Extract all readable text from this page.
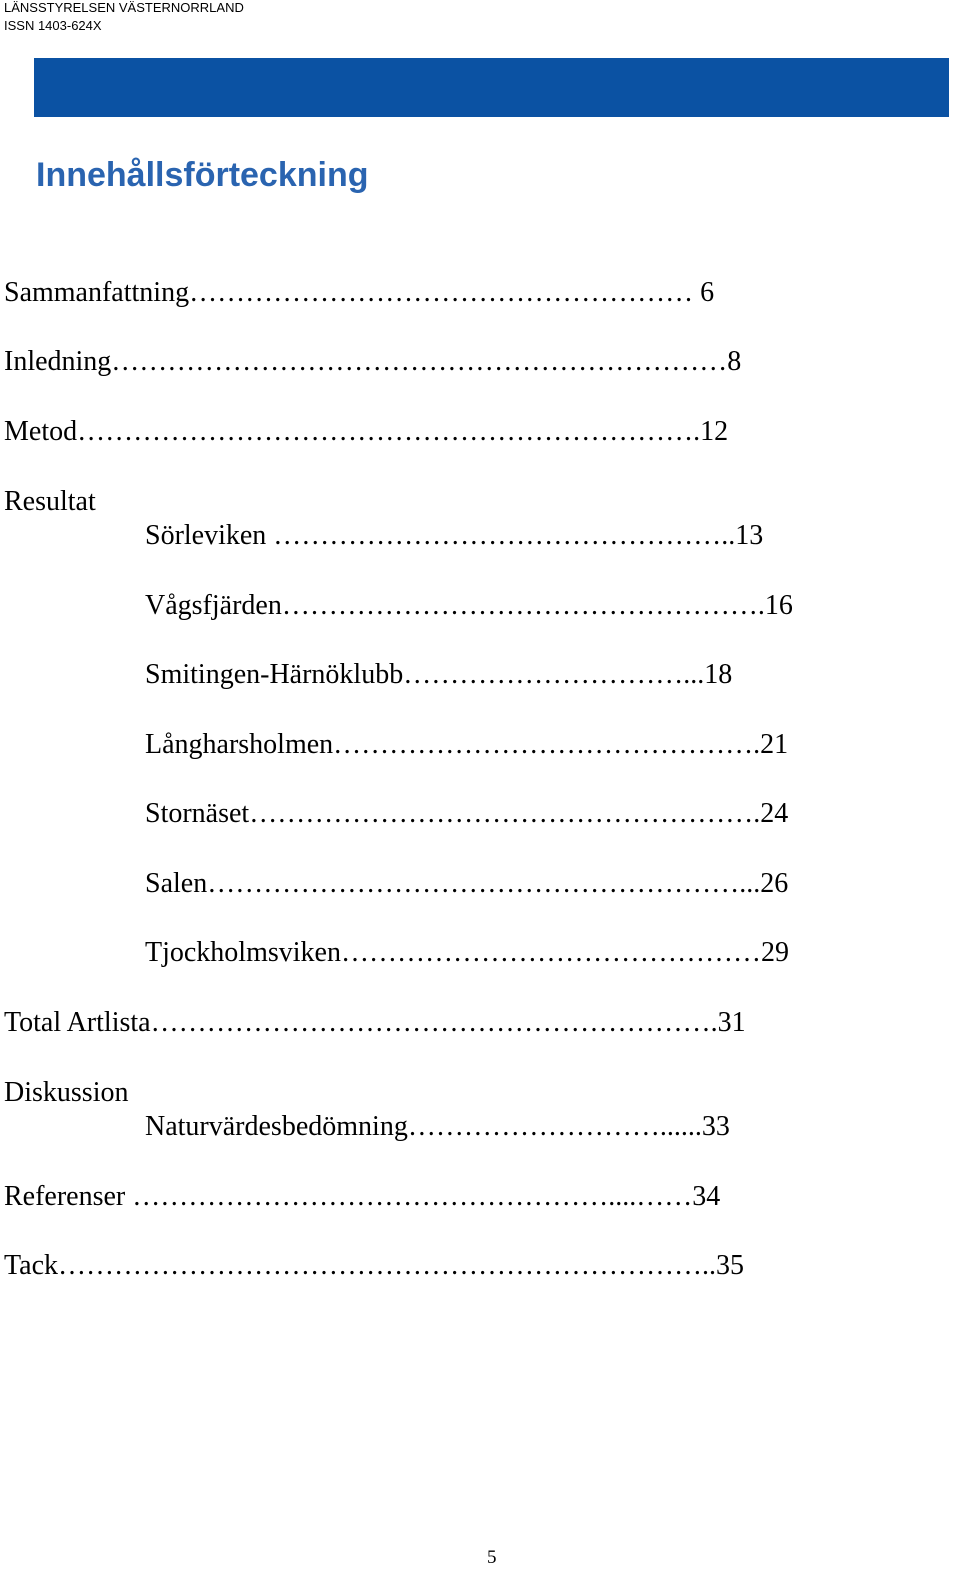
LÄNSSTYRELSEN VÄSTERNORRLAND
ISSN 1403-624X
Innehållsförteckning
Sammanfattning……………………………………………… 6
Inledning…………………………………………………………8
Metod………………………………………………………….12
Resultat
Sörleviken …………………………………………..13
Vågsfjärden…………………………………………….16
Smitingen-Härnöklubb…………………………...18
Långharsholmen……………………………………….21
Stornäset……………………………………………….24
Salen…………………………………………………...26
Tjockholmsviken………………………………………29
Total Artlista…………………………………………………….31
Diskussion
Naturvärdesbedömning………………………......33
Referenser ……………………………………………....……34
Tack……………………………………………………………..35
5
